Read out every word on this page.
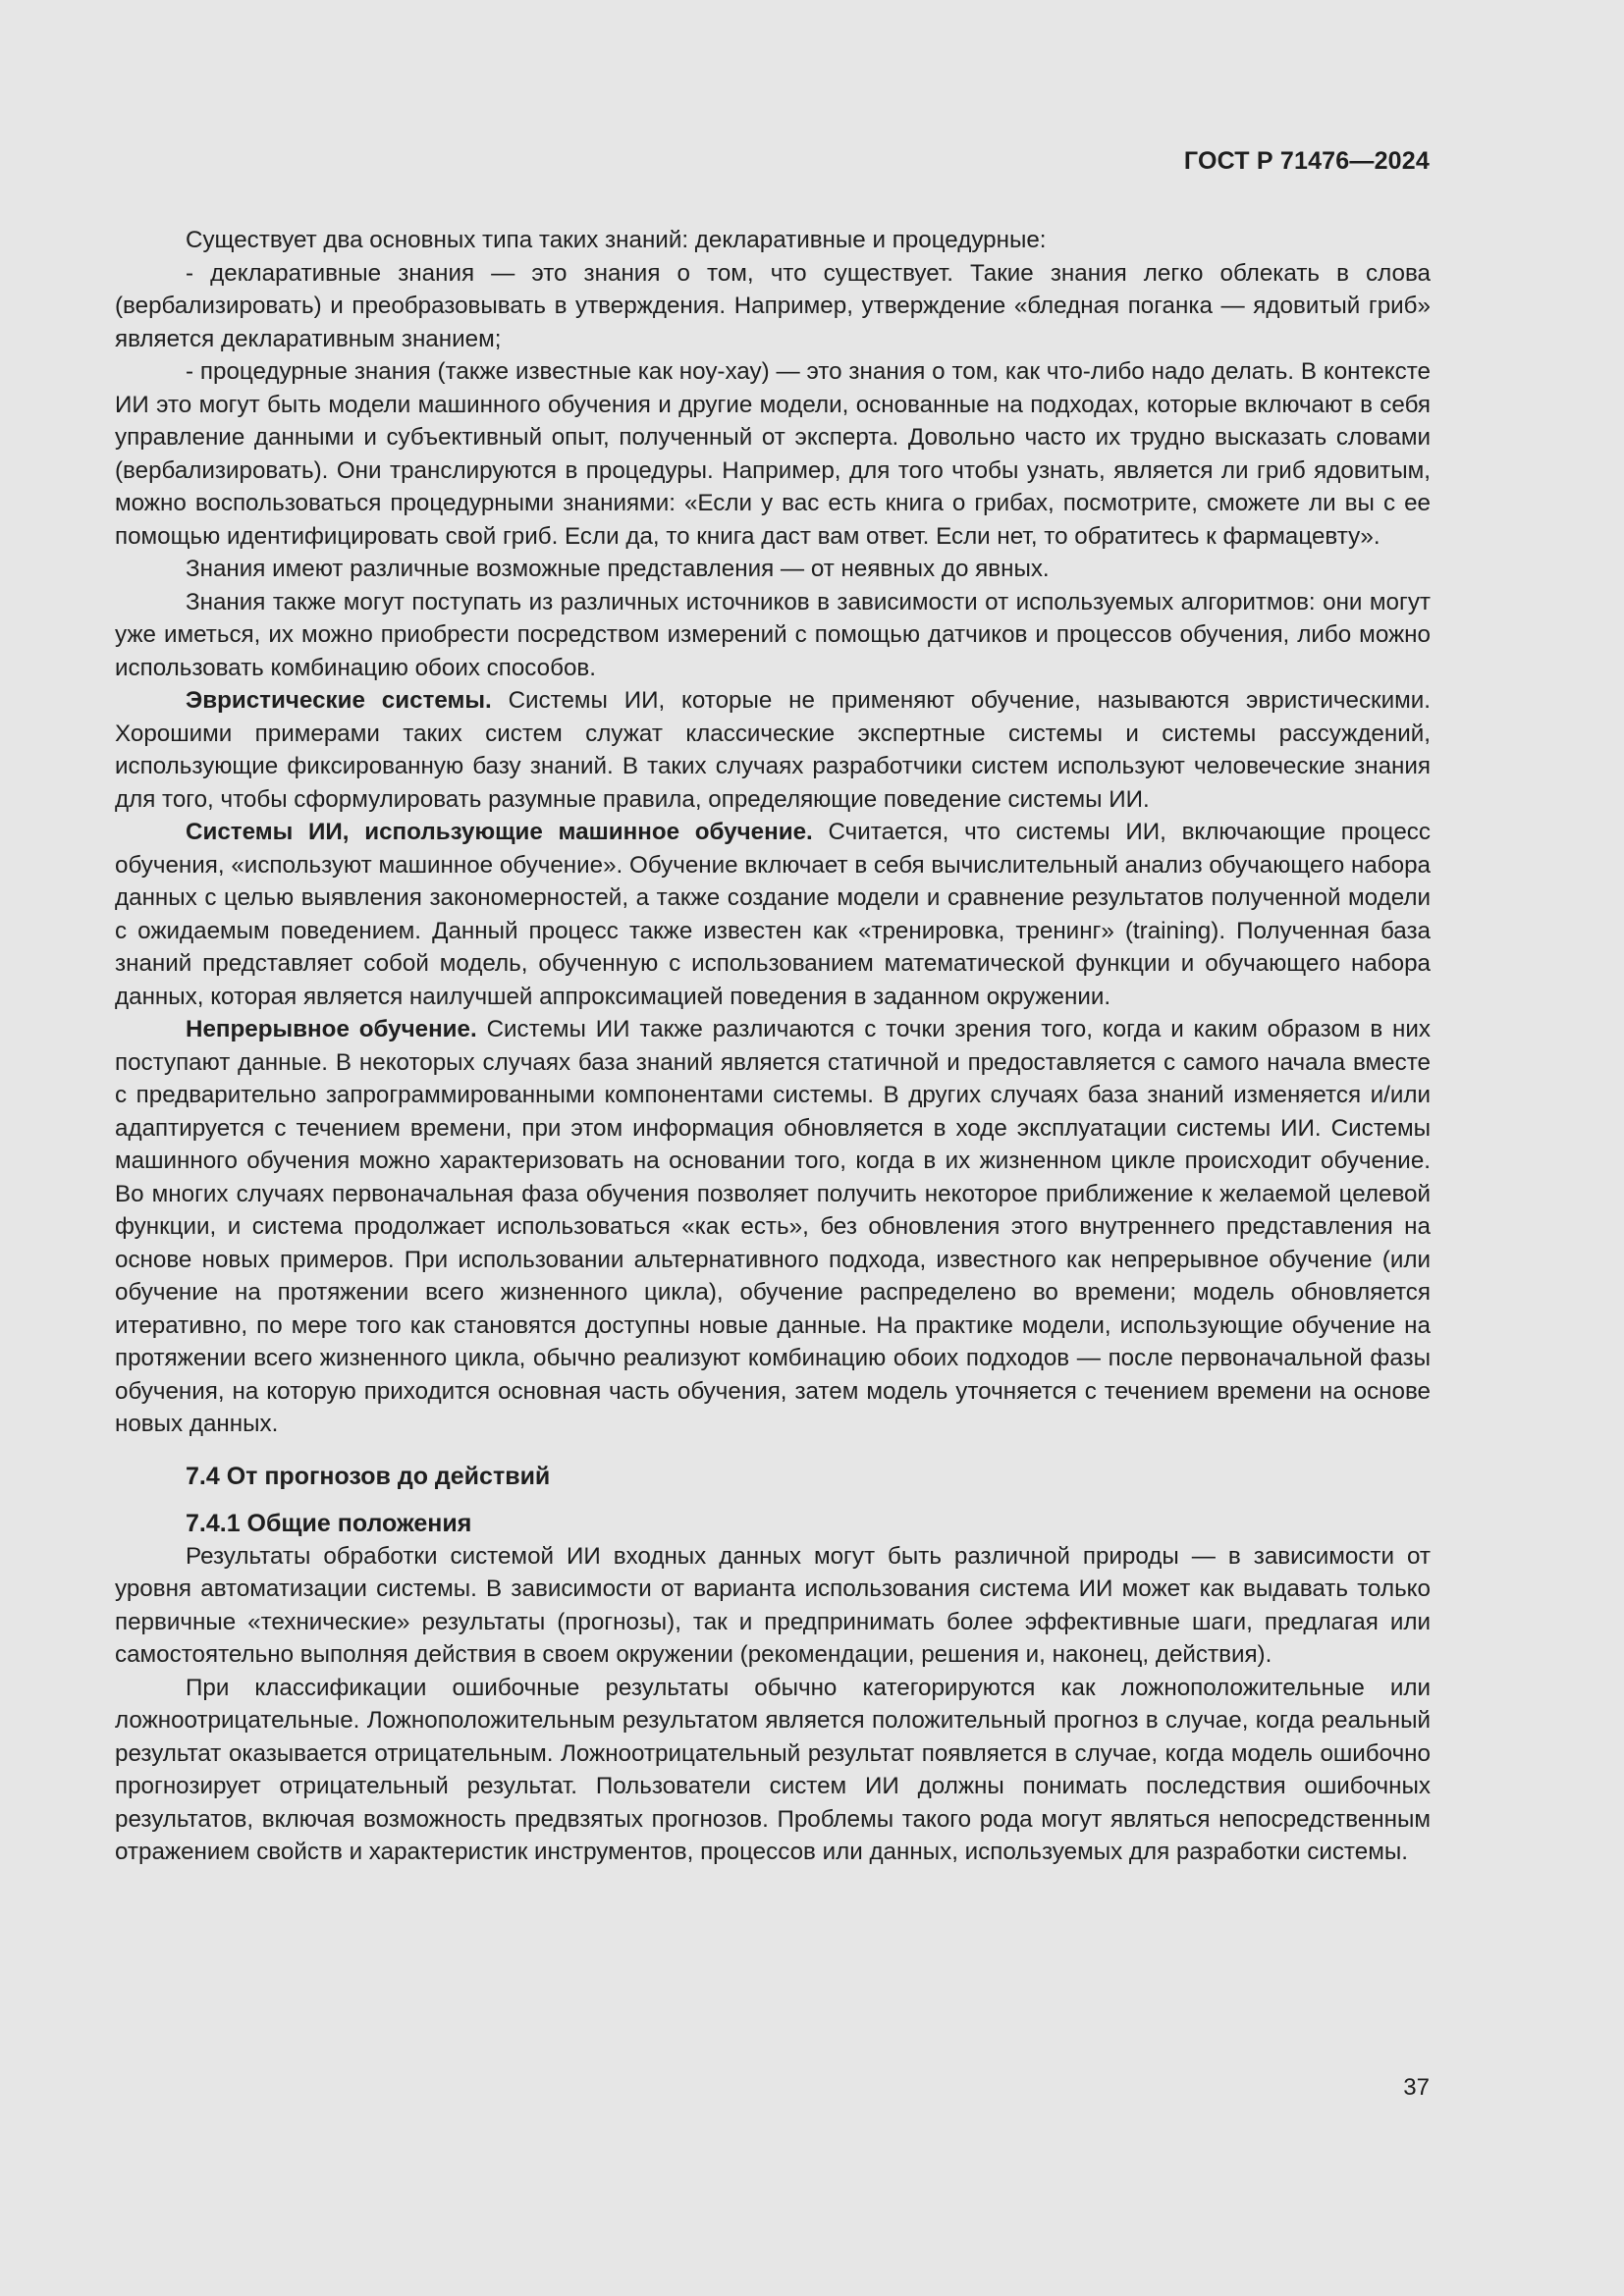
ГОСТ Р 71476—2024

Существует два основных типа таких знаний: декларативные и процедурные:

- декларативные знания — это знания о том, что существует. Такие знания легко облекать в слова (вербализировать) и преобразовывать в утверждения. Например, утверждение «бледная поганка — ядовитый гриб» является декларативным знанием;

- процедурные знания (также известные как ноу-хау) — это знания о том, как что-либо надо делать. В контексте ИИ это могут быть модели машинного обучения и другие модели, основанные на подходах, которые включают в себя управление данными и субъективный опыт, полученный от эксперта. Довольно часто их трудно высказать словами (вербализировать). Они транслируются в процедуры. Например, для того чтобы узнать, является ли гриб ядовитым, можно воспользоваться процедурными знаниями: «Если у вас есть книга о грибах, посмотрите, сможете ли вы с ее помощью идентифицировать свой гриб. Если да, то книга даст вам ответ. Если нет, то обратитесь к фармацевту».

Знания имеют различные возможные представления — от неявных до явных.

Знания также могут поступать из различных источников в зависимости от используемых алгоритмов: они могут уже иметься, их можно приобрести посредством измерений с помощью датчиков и процессов обучения, либо можно использовать комбинацию обоих способов.

Эвристические системы. Системы ИИ, которые не применяют обучение, называются эвристическими. Хорошими примерами таких систем служат классические экспертные системы и системы рассуждений, использующие фиксированную базу знаний. В таких случаях разработчики систем используют человеческие знания для того, чтобы сформулировать разумные правила, определяющие поведение системы ИИ.

Системы ИИ, использующие машинное обучение. Считается, что системы ИИ, включающие процесс обучения, «используют машинное обучение». Обучение включает в себя вычислительный анализ обучающего набора данных с целью выявления закономерностей, а также создание модели и сравнение результатов полученной модели с ожидаемым поведением. Данный процесс также известен как «тренировка, тренинг» (training). Полученная база знаний представляет собой модель, обученную с использованием математической функции и обучающего набора данных, которая является наилучшей аппроксимацией поведения в заданном окружении.

Непрерывное обучение. Системы ИИ также различаются с точки зрения того, когда и каким образом в них поступают данные. В некоторых случаях база знаний является статичной и предоставляется с самого начала вместе с предварительно запрограммированными компонентами системы. В других случаях база знаний изменяется и/или адаптируется с течением времени, при этом информация обновляется в ходе эксплуатации системы ИИ. Системы машинного обучения можно характеризовать на основании того, когда в их жизненном цикле происходит обучение. Во многих случаях первоначальная фаза обучения позволяет получить некоторое приближение к желаемой целевой функции, и система продолжает использоваться «как есть», без обновления этого внутреннего представления на основе новых примеров. При использовании альтернативного подхода, известного как непрерывное обучение (или обучение на протяжении всего жизненного цикла), обучение распределено во времени; модель обновляется итеративно, по мере того как становятся доступны новые данные. На практике модели, использующие обучение на протяжении всего жизненного цикла, обычно реализуют комбинацию обоих подходов — после первоначальной фазы обучения, на которую приходится основная часть обучения, затем модель уточняется с течением времени на основе новых данных.

7.4 От прогнозов до действий
7.4.1 Общие положения

Результаты обработки системой ИИ входных данных могут быть различной природы — в зависимости от уровня автоматизации системы. В зависимости от варианта использования система ИИ может как выдавать только первичные «технические» результаты (прогнозы), так и предпринимать более эффективные шаги, предлагая или самостоятельно выполняя действия в своем окружении (рекомендации, решения и, наконец, действия).

При классификации ошибочные результаты обычно категорируются как ложноположительные или ложноотрицательные. Ложноположительным результатом является положительный прогноз в случае, когда реальный результат оказывается отрицательным. Ложноотрицательный результат появляется в случае, когда модель ошибочно прогнозирует отрицательный результат. Пользователи систем ИИ должны понимать последствия ошибочных результатов, включая возможность предвзятых прогнозов. Проблемы такого рода могут являться непосредственным отражением свойств и характеристик инструментов, процессов или данных, используемых для разработки системы.

37
